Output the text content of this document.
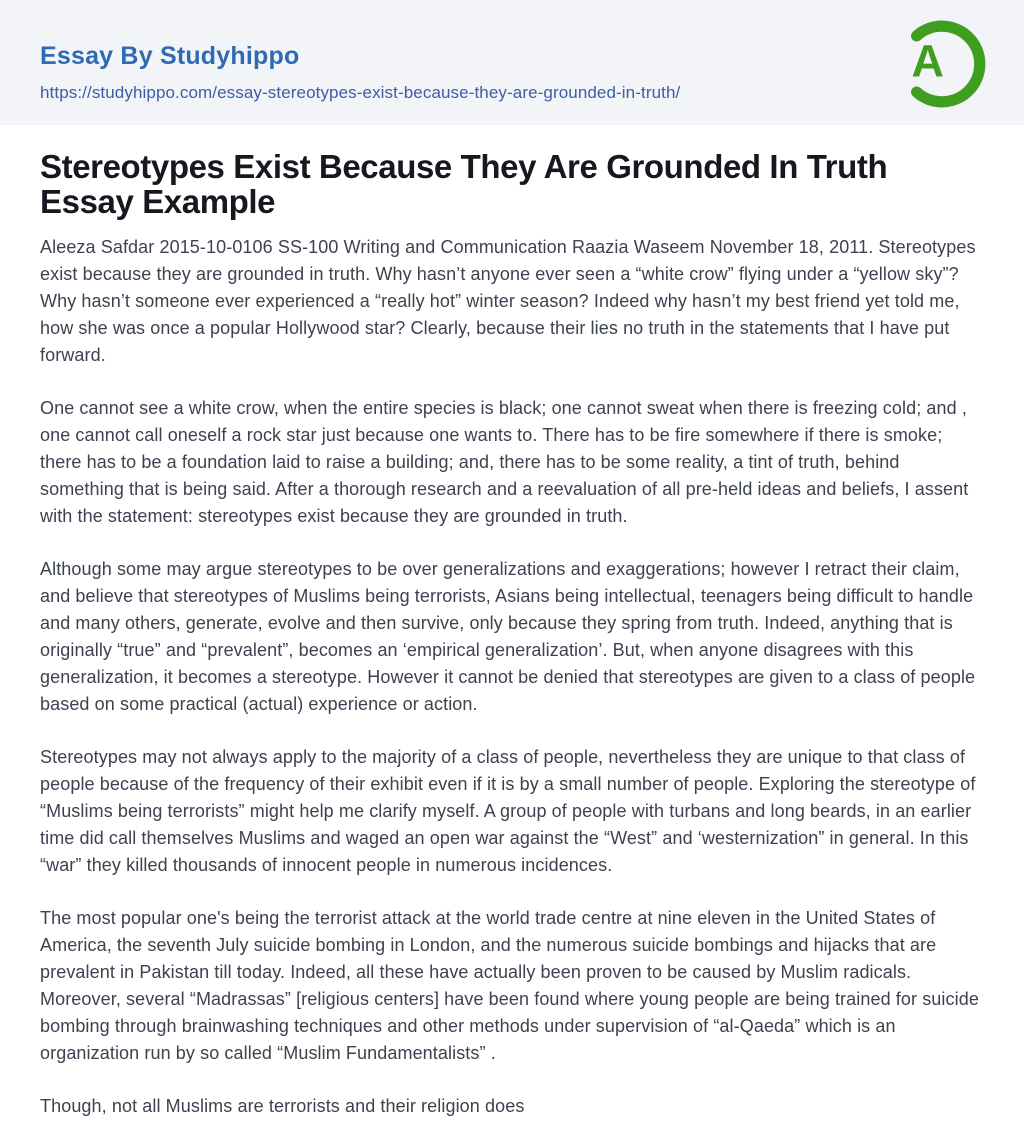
Essay By Studyhippo
https://studyhippo.com/essay-stereotypes-exist-because-they-are-grounded-in-truth/
A
Stereotypes Exist Because They Are Grounded In Truth Essay Example

Aleeza Safdar 2015-10-0106 SS-100 Writing and Communication Raazia Waseem November 18, 2011. Stereotypes exist because they are grounded in truth. Why hasn’t anyone ever seen a “white crow” flying under a “yellow sky”? Why hasn’t someone ever experienced a “really hot” winter season? Indeed why hasn’t my best friend yet told me, how she was once a popular Hollywood star? Clearly, because their lies no truth in the statements that I have put forward.

One cannot see a white crow, when the entire species is black; one cannot sweat when there is freezing cold; and , one cannot call oneself a rock star just because one wants to. There has to be fire somewhere if there is smoke; there has to be a foundation laid to raise a building; and, there has to be some reality, a tint of truth, behind something that is being said. After a thorough research and a reevaluation of all pre-held ideas and beliefs, I assent with the statement: stereotypes exist because they are grounded in truth.

Although some may argue stereotypes to be over generalizations and exaggerations; however I retract their claim, and believe that stereotypes of Muslims being terrorists, Asians being intellectual, teenagers being difficult to handle and many others, generate, evolve and then survive, only because they spring from truth. Indeed, anything that is originally “true” and “prevalent”, becomes an ‘empirical generalization’. But, when anyone disagrees with this generalization, it becomes a stereotype. However it cannot be denied that stereotypes are given to a class of people based on some practical (actual) experience or action.

Stereotypes may not always apply to the majority of a class of people, nevertheless they are unique to that class of people because of the frequency of their exhibit even if it is by a small number of people. Exploring the stereotype of “Muslims being terrorists” might help me clarify myself. A group of people with turbans and long beards, in an earlier time did call themselves Muslims and waged an open war against the “West” and ‘westernization” in general. In this “war” they killed thousands of innocent people in numerous incidences.

The most popular one's being the terrorist attack at the world trade centre at nine eleven in the United States of America, the seventh July suicide bombing in London, and the numerous suicide bombings and hijacks that are prevalent in Pakistan till today. Indeed, all these have actually been proven to be caused by Muslim radicals. Moreover, several “Madrassas” [religious centers] have been found where young people are being trained for suicide bombing through brainwashing techniques and other methods under supervision of “al-Qaeda” which is an organization run by so called “Muslim Fundamentalists” .

Though, not all Muslims are terrorists and their religion does
